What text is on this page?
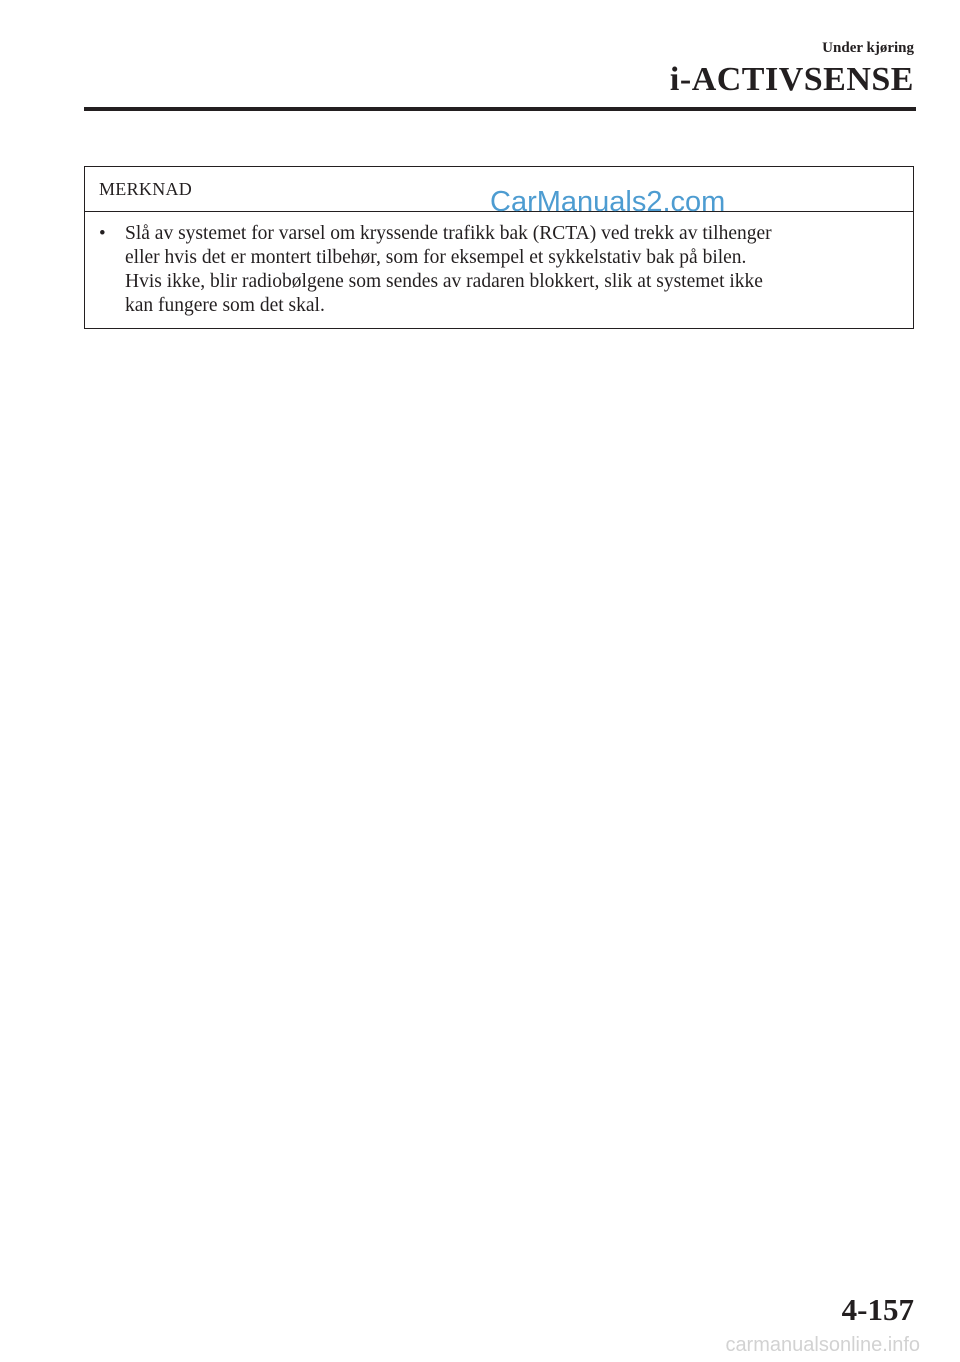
Under kjøring
i-ACTIVSENSE
MERKNAD
• Slå av systemet for varsel om kryssende trafikk bak (RCTA) ved trekk av tilhenger
eller hvis det er montert tilbehør, som for eksempel et sykkelstativ bak på bilen.
Hvis ikke, blir radiobølgene som sendes av radaren blokkert, slik at systemet ikke
kan fungere som det skal.
CarManuals2.com
4-157
carmanualsonline.info
